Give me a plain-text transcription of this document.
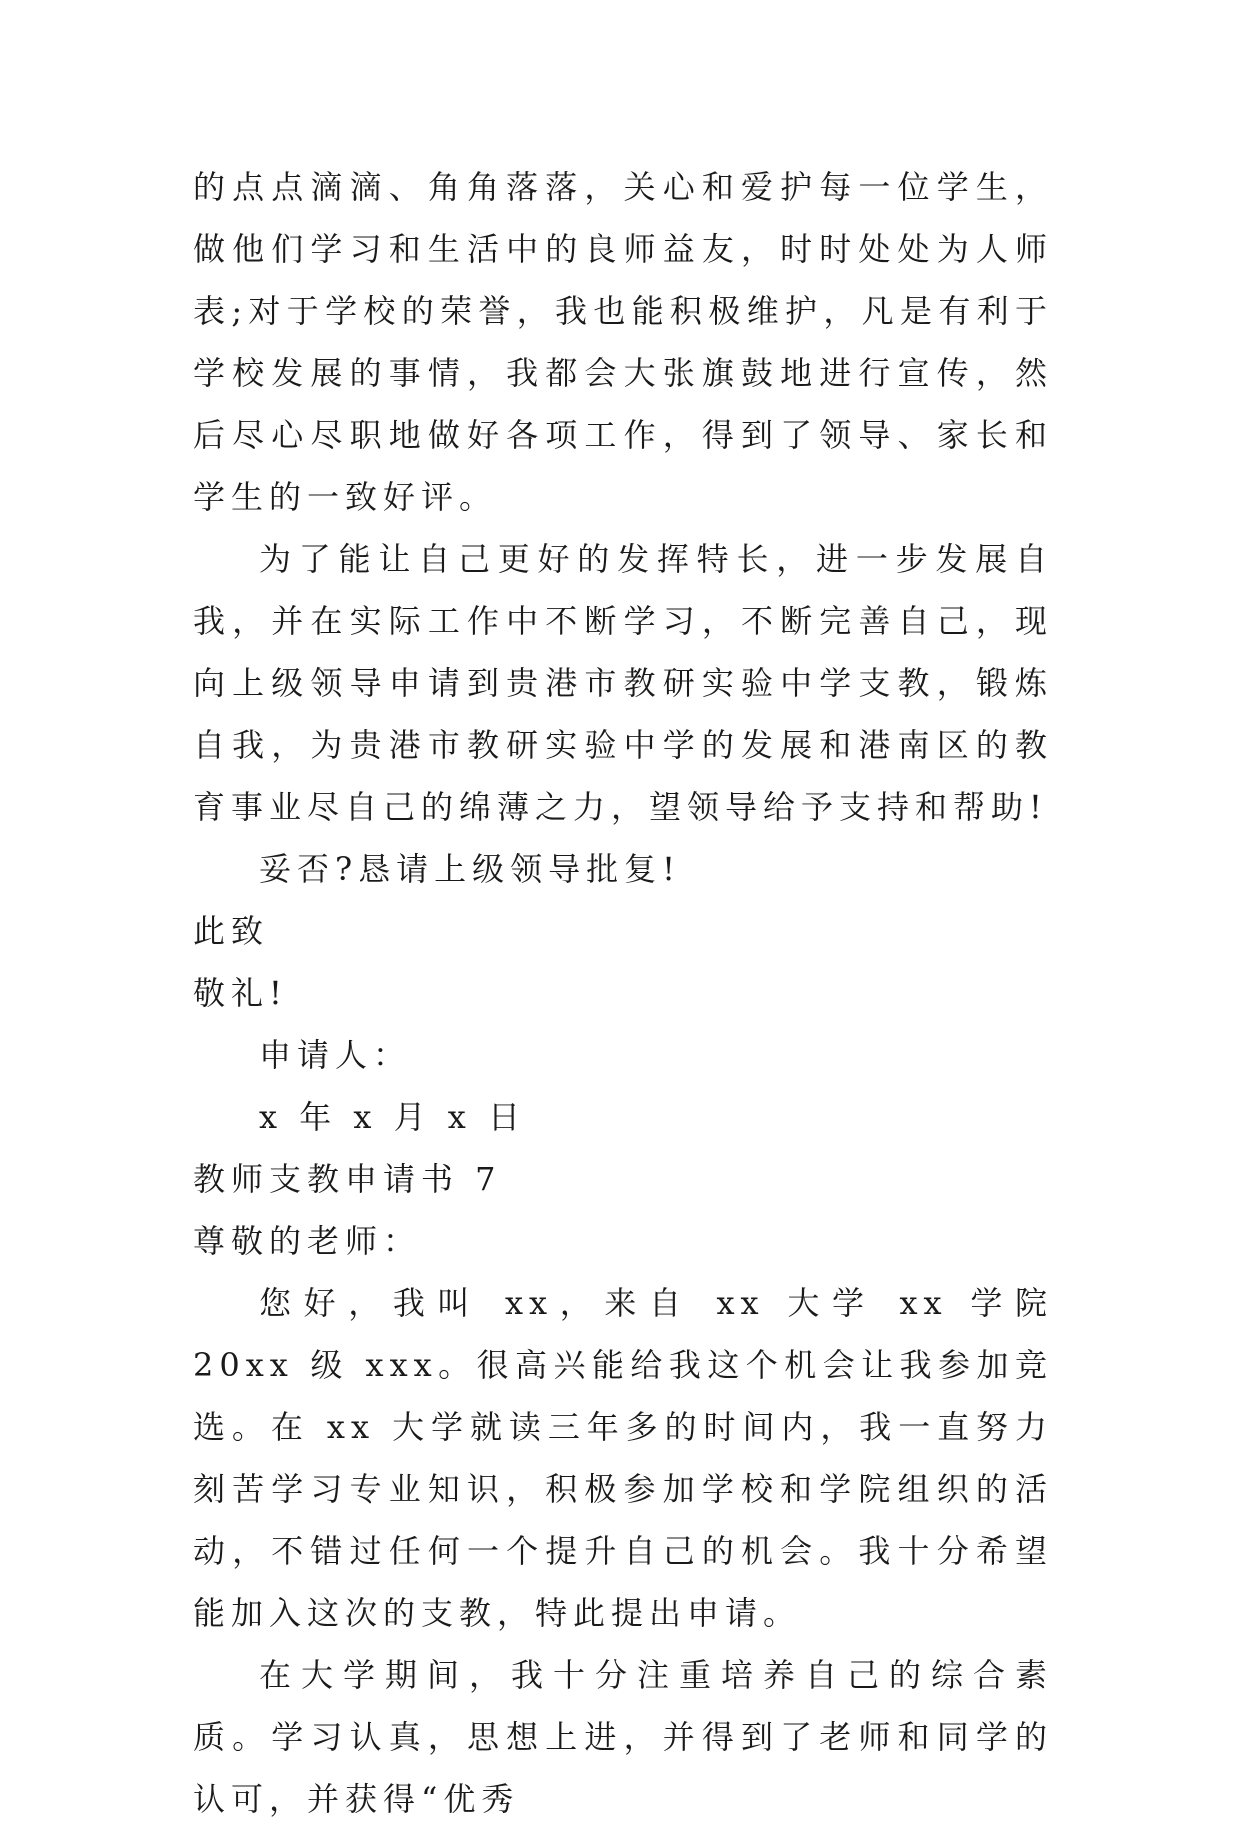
的点点滴滴、角角落落，关心和爱护每一位学生，做他们学习和生活中的良师益友，时时处处为人师表;对于学校的荣誉，我也能积极维护，凡是有利于学校发展的事情，我都会大张旗鼓地进行宣传，然后尽心尽职地做好各项工作，得到了领导、家长和学生的一致好评。

为了能让自己更好的发挥特长，进一步发展自我，并在实际工作中不断学习，不断完善自己，现向上级领导申请到贵港市教研实验中学支教，锻炼自我，为贵港市教研实验中学的发展和港南区的教育事业尽自己的绵薄之力，望领导给予支持和帮助!

妥否?恳请上级领导批复!

此致

敬礼!

申请人：

x 年 x 月 x 日

教师支教申请书 7

尊敬的老师：

您好，我叫 xx，来自 xx 大学 xx 学院 20xx 级 xxx。很高兴能给我这个机会让我参加竞选。在 xx 大学就读三年多的时间内，我一直努力刻苦学习专业知识，积极参加学校和学院组织的活动，不错过任何一个提升自己的机会。我十分希望能加入这次的支教，特此提出申请。

在大学期间，我十分注重培养自己的综合素质。学习认真，思想上进，并得到了老师和同学的认可，并获得“优秀
